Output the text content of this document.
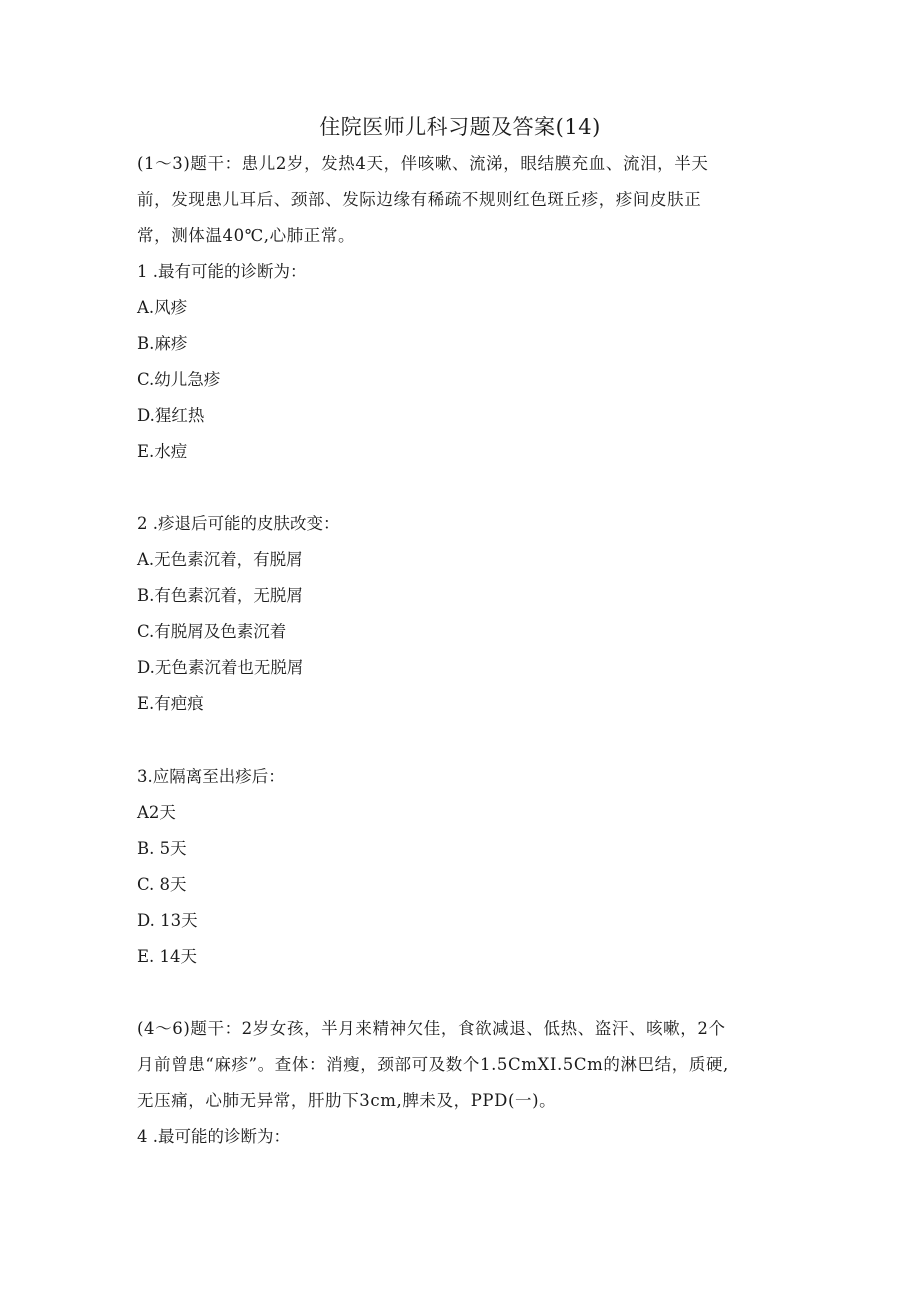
住院医师儿科习题及答案(14)
(1～3)题干：患儿2岁，发热4天，伴咳嗽、流涕，眼结膜充血、流泪，半天
前，发现患儿耳后、颈部、发际边缘有稀疏不规则红色斑丘疹，疹间皮肤正
常，测体温40℃,心肺正常。
1 .最有可能的诊断为：
A.风疹
B.麻疹
C.幼儿急疹
D.猩红热
E.水痘
2 .疹退后可能的皮肤改变：
A.无色素沉着，有脱屑
B.有色素沉着，无脱屑
C.有脱屑及色素沉着
D.无色素沉着也无脱屑
E.有疤痕
3.应隔离至出疹后：
A2天
B. 5天
C. 8天
D. 13天
E. 14天
(4～6)题干：2岁女孩，半月来精神欠佳，食欲减退、低热、盗汗、咳嗽，2个
月前曾患“麻疹”。查体：消瘦，颈部可及数个1.5CmXI.5Cm的淋巴结，质硬,
无压痛，心肺无异常，肝肋下3cm,脾未及，PPD(一)。
4 .最可能的诊断为：
